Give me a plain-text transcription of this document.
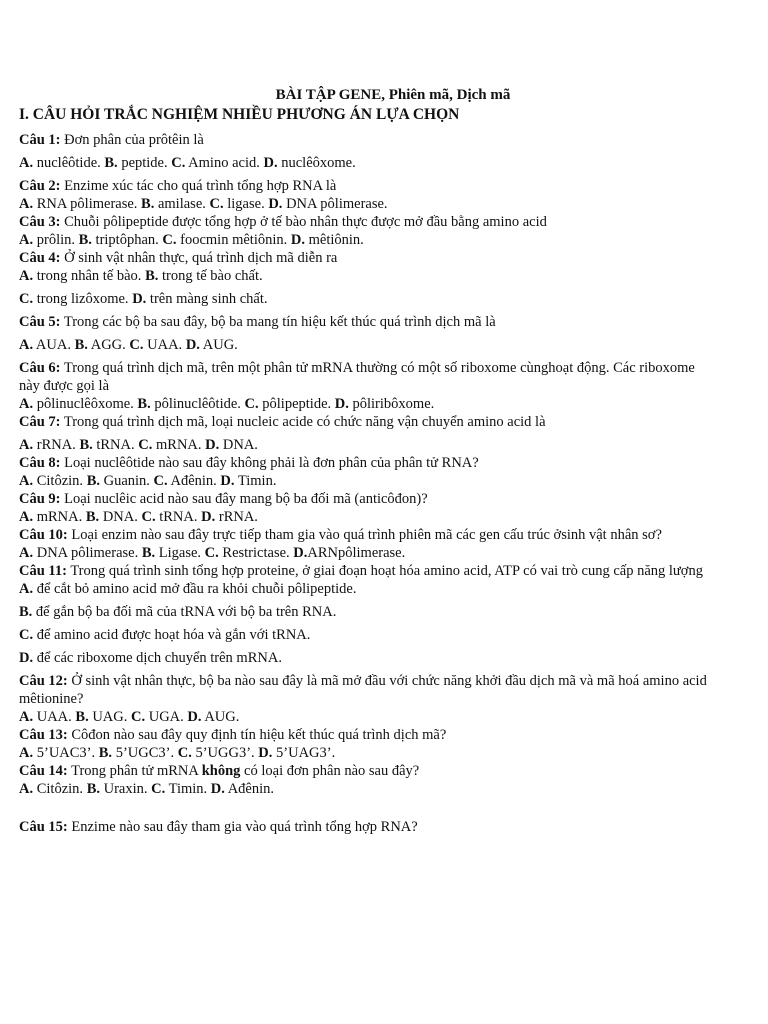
BÀI TẬP GENE, Phiên mã, Dịch mã
I. CÂU HỎI TRẮC NGHIỆM NHIỀU PHƯƠNG ÁN LỰA CHỌN
Câu 1: Đơn phân của prôtêin là
A. nuclêôtide. B. peptide. C. Amino acid. D. nuclêôxome.
Câu 2: Enzime xúc tác cho quá trình tổng hợp RNA là
A. RNA pôlimerase. B. amilase. C. ligase. D. DNA pôlimerase.
Câu 3: Chuỗi pôlipeptide được tổng hợp ở tế bào nhân thực được mở đầu bằng amino acid
A. prôlin. B. triptôphan. C. foocmin mêtiônin. D. mêtiônin.
Câu 4: Ở sinh vật nhân thực, quá trình dịch mã diễn ra
A. trong nhân tế bào. B. trong tế bào chất.
C. trong lizôxome. D. trên màng sinh chất.
Câu 5: Trong các bộ ba sau đây, bộ ba mang tín hiệu kết thúc quá trình dịch mã là
A. AUA. B. AGG. C. UAA. D. AUG.
Câu 6: Trong quá trình dịch mã, trên một phân tử mRNA thường có một số riboxome cùnghoạt động. Các riboxome này được gọi là
A. pôlinuclêôxome. B. pôlinuclêôtide. C. pôlipeptide. D. pôliribôxome.
Câu 7: Trong quá trình dịch mã, loại nucleic acide có chức năng vận chuyển amino acid là
A. rRNA. B. tRNA. C. mRNA. D. DNA.
Câu 8: Loại nuclêôtide nào sau đây không phải là đơn phân của phân tử RNA?
A. Citôzin. B. Guanin. C. Ađênin. D. Timin.
Câu 9: Loại nuclêic acid nào sau đây mang bộ ba đối mã (anticôđon)?
A. mRNA. B. DNA. C. tRNA. D. rRNA.
Câu 10: Loại enzim nào sau đây trực tiếp tham gia vào quá trình phiên mã các gen cấu trúc ởsinh vật nhân sơ?
A. DNA pôlimerase. B. Ligase. C. Restrictase. D.ARNpôlimerase.
Câu 11: Trong quá trình sinh tổng hợp proteine, ở giai đoạn hoạt hóa amino acid, ATP có vai trò cung cấp năng lượng
A. để cắt bỏ amino acid mở đầu ra khỏi chuỗi pôlipeptide.
B. để gắn bộ ba đối mã của tRNA với bộ ba trên RNA.
C. để amino acid được hoạt hóa và gắn với tRNA.
D. để các riboxome dịch chuyển trên mRNA.
Câu 12: Ở sinh vật nhân thực, bộ ba nào sau đây là mã mở đầu với chức năng khởi đầu dịch mã và mã hoá amino acid mêtionine?
A. UAA. B. UAG. C. UGA. D. AUG.
Câu 13: Côđon nào sau đây quy định tín hiệu kết thúc quá trình dịch mã?
A. 5’UAC3’. B. 5’UGC3’. C. 5’UGG3’. D. 5’UAG3’.
Câu 14: Trong phân tử mRNA không có loại đơn phân nào sau đây?
A. Citôzin. B. Uraxin. C. Timin. D. Ađênin.
Câu 15: Enzime nào sau đây tham gia vào quá trình tổng hợp RNA?
